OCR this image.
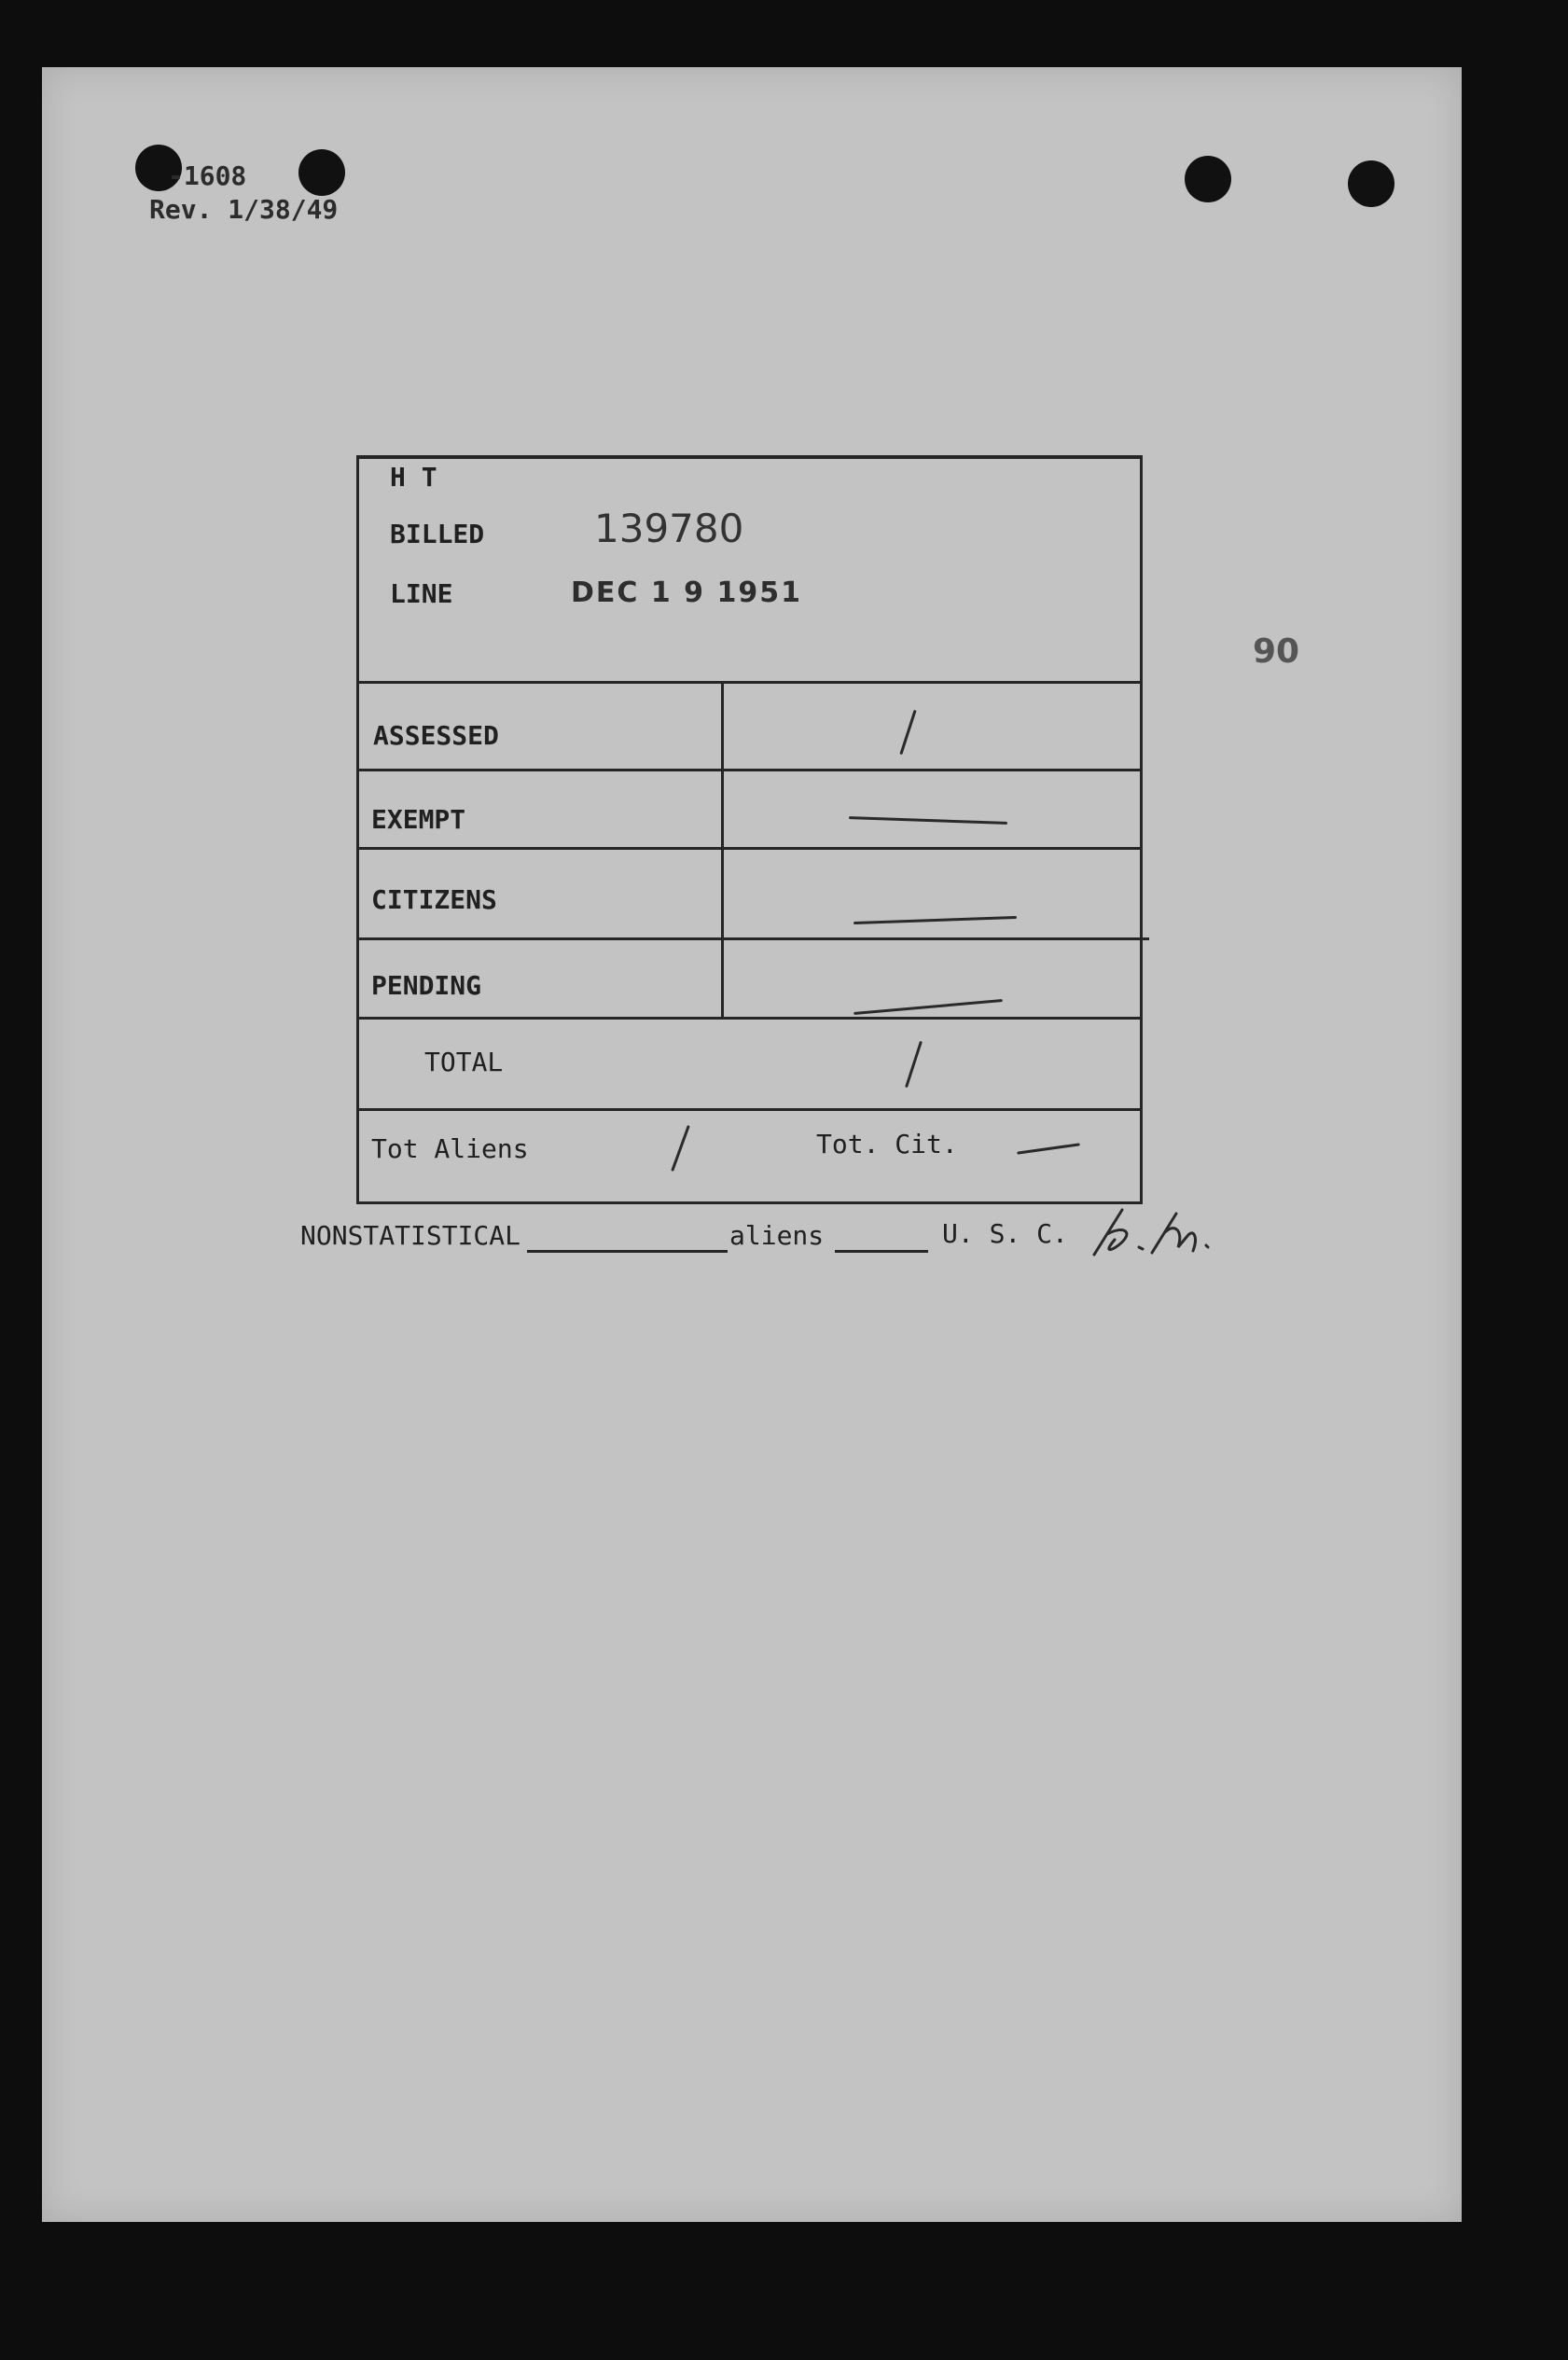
-1608
Rev. 1/38/49
90
H T
BILLED	139780
LINE	DEC 1 9 1951
ASSESSED
EXEMPT
CITIZENS
PENDING
TOTAL
Tot Aliens	Tot. Cit.
NONSTATISTICAL	aliens	U. S. C.
